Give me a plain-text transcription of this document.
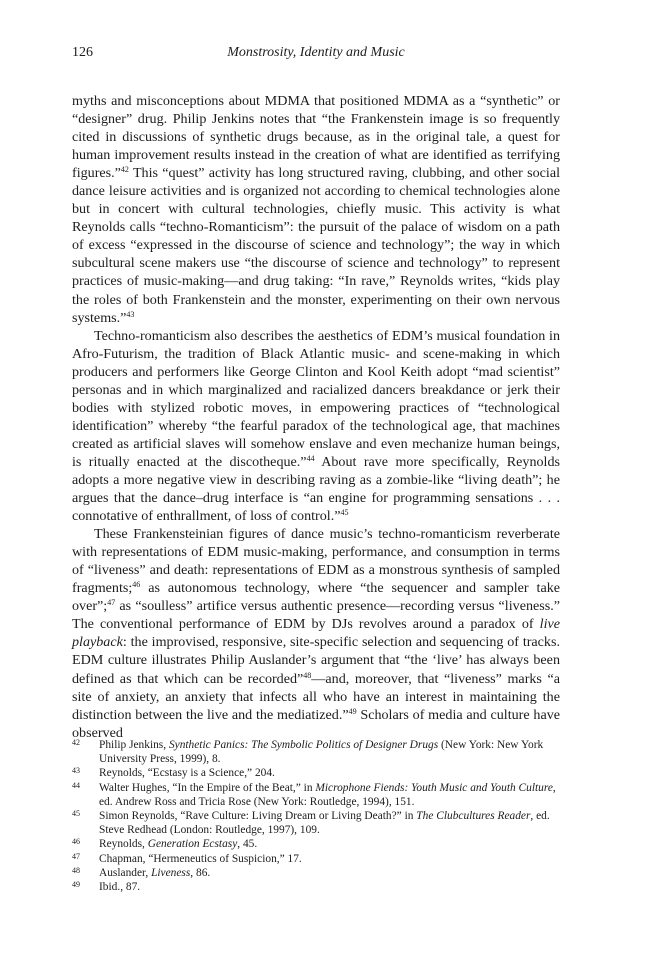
126	Monstrosity, Identity and Music

myths and misconceptions about MDMA that positioned MDMA as a “synthetic” or “designer” drug. Philip Jenkins notes that “the Frankenstein image is so frequently cited in discussions of synthetic drugs because, as in the original tale, a quest for human improvement results instead in the creation of what are identified as terrifying figures.”$^{42}$ This “quest” activity has long structured raving, clubbing, and other social dance leisure activities and is organized not according to chemical technologies alone but in concert with cultural technologies, chiefly music. This activity is what Reynolds calls “techno-Romanticism”: the pursuit of the palace of wisdom on a path of excess “expressed in the discourse of science and technology”; the way in which subcultural scene makers use “the discourse of science and technology” to represent practices of music-making—and drug taking: “In rave,” Reynolds writes, “kids play the roles of both Frankenstein and the monster, experimenting on their own nervous systems.”$^{43}$

Techno-romanticism also describes the aesthetics of EDM’s musical foundation in Afro-Futurism, the tradition of Black Atlantic music- and scene-making in which producers and performers like George Clinton and Kool Keith adopt “mad scientist” personas and in which marginalized and racialized dancers breakdance or jerk their bodies with stylized robotic moves, in empowering practices of “technological identification” whereby “the fearful paradox of the technological age, that machines created as artificial slaves will somehow enslave and even mechanize human beings, is ritually enacted at the discotheque.”$^{44}$ About rave more specifically, Reynolds adopts a more negative view in describing raving as a zombie-like “living death”; he argues that the dance–drug interface is “an engine for programming sensations . . . connotative of enthrallment, of loss of control.”$^{45}$

These Frankensteinian figures of dance music’s techno-romanticism reverberate with representations of EDM music-making, performance, and consumption in terms of “liveness” and death: representations of EDM as a monstrous synthesis of sampled fragments;$^{46}$ as autonomous technology, where “the sequencer and sampler take over”;$^{47}$ as “soulless” artifice versus authentic presence—recording versus “liveness.” The conventional performance of EDM by DJs revolves around a paradox of live playback: the improvised, responsive, site-specific selection and sequencing of tracks. EDM culture illustrates Philip Auslander’s argument that “the ‘live’ has always been defined as that which can be recorded”$^{48}$—and, moreover, that “liveness” marks “a site of anxiety, an anxiety that infects all who have an interest in maintaining the distinction between the live and the mediatized.”$^{49}$ Scholars of media and culture have observed

42 Philip Jenkins, Synthetic Panics: The Symbolic Politics of Designer Drugs (New York: New York University Press, 1999), 8.
43 Reynolds, “Ecstasy is a Science,” 204.
44 Walter Hughes, “In the Empire of the Beat,” in Microphone Fiends: Youth Music and Youth Culture, ed. Andrew Ross and Tricia Rose (New York: Routledge, 1994), 151.
45 Simon Reynolds, “Rave Culture: Living Dream or Living Death?” in The Clubcultures Reader, ed. Steve Redhead (London: Routledge, 1997), 109.
46 Reynolds, Generation Ecstasy, 45.
47 Chapman, “Hermeneutics of Suspicion,” 17.
48 Auslander, Liveness, 86.
49 Ibid., 87.
